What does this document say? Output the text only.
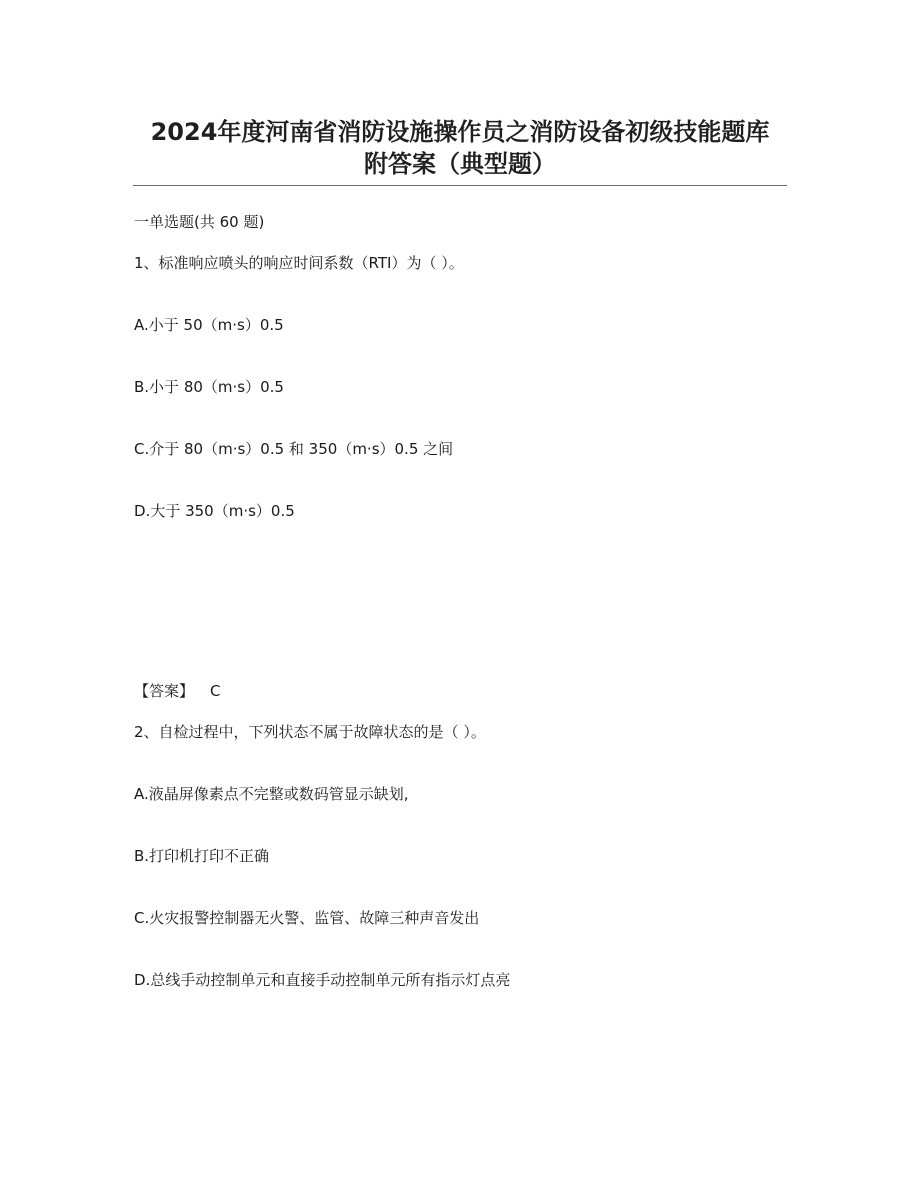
2024年度河南省消防设施操作员之消防设备初级技能题库
附答案（典型题）
一单选题(共 60 题)
1、标准响应喷头的响应时间系数（RTI）为（ ）。
A.小于 50（m·s）0.5
B.小于 80（m·s）0.5
C.介于 80（m·s）0.5 和 350（m·s）0.5 之间
D.大于 350（m·s）0.5
【答案】 C
2、自检过程中，下列状态不属于故障状态的是（ ）。
A.液晶屏像素点不完整或数码管显示缺划,
B.打印机打印不正确
C.火灾报警控制器无火警、监管、故障三种声音发出
D.总线手动控制单元和直接手动控制单元所有指示灯点亮
